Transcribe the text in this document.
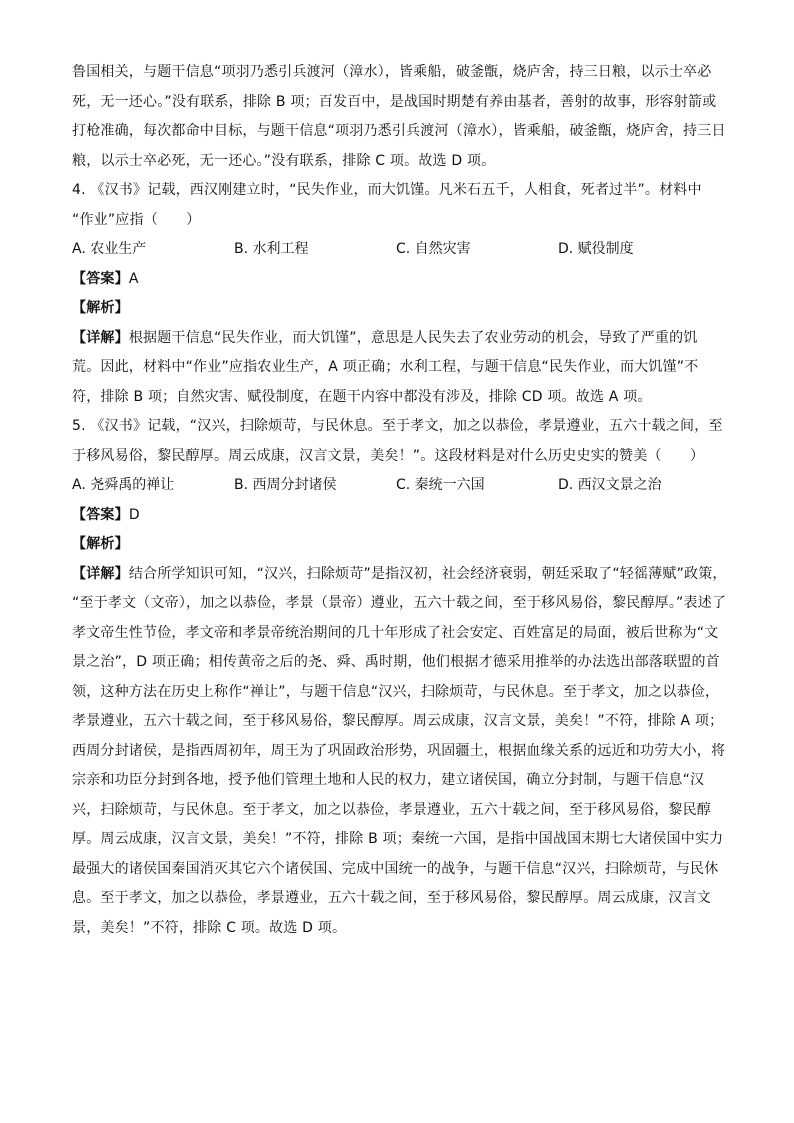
鲁国相关，与题干信息“项羽乃悉引兵渡河（漳水），皆乘船，破釜甑，烧庐舍，持三日粮，以示士卒必
死，无一还心。”没有联系，排除 B 项；百发百中，是战国时期楚有养由基者，善射的故事，形容射箭或
打枪准确，每次都命中目标，与题干信息“项羽乃悉引兵渡河（漳水），皆乘船，破釜甑，烧庐舍，持三日
粮，以示士卒必死，无一还心。”没有联系，排除 C 项。故选 D 项。
4. 《汉书》记载，西汉刚建立时，“民失作业，而大饥馑。凡米石五千，人相食，死者过半”。材料中
“作业”应指（　　）
A. 农业生产	B. 水利工程	C. 自然灾害	D. 赋役制度
【答案】A
【解析】
【详解】根据题干信息“民失作业，而大饥馑”，意思是人民失去了农业劳动的机会，导致了严重的饥
荒。因此，材料中“作业”应指农业生产，A 项正确；水利工程，与题干信息“民失作业，而大饥馑”不
符，排除 B 项；自然灾害、赋役制度，在题干内容中都没有涉及，排除 CD 项。故选 A 项。
5. 《汉书》记载，“汉兴，扫除烦苛，与民休息。至于孝文，加之以恭俭，孝景遵业，五六十载之间，至
于移风易俗，黎民醇厚。周云成康，汉言文景，美矣！”。这段材料是对什么历史史实的赞美（　　）
A. 尧舜禹的禅让	B. 西周分封诸侯	C. 秦统一六国	D. 西汉文景之治
【答案】D
【解析】
【详解】结合所学知识可知，“汉兴，扫除烦苛”是指汉初，社会经济衰弱，朝廷采取了“轻徭薄赋”政策，
“至于孝文（文帝），加之以恭俭，孝景（景帝）遵业，五六十载之间，至于移风易俗，黎民醇厚。”表述了
孝文帝生性节俭，孝文帝和孝景帝统治期间的几十年形成了社会安定、百姓富足的局面，被后世称为“文
景之治”，D 项正确；相传黄帝之后的尧、舜、禹时期，他们根据才德采用推举的办法选出部落联盟的首
领，这种方法在历史上称作“禅让”，与题干信息“汉兴，扫除烦苛，与民休息。至于孝文，加之以恭俭，
孝景遵业，五六十载之间，至于移风易俗，黎民醇厚。周云成康，汉言文景，美矣！”不符，排除 A 项；
西周分封诸侯，是指西周初年，周王为了巩固政治形势，巩固疆土，根据血缘关系的远近和功劳大小，将
宗亲和功臣分封到各地，授予他们管理土地和人民的权力，建立诸侯国，确立分封制，与题干信息“汉
兴，扫除烦苛，与民休息。至于孝文，加之以恭俭，孝景遵业，五六十载之间，至于移风易俗，黎民醇
厚。周云成康，汉言文景，美矣！”不符，排除 B 项；秦统一六国，是指中国战国末期七大诸侯国中实力
最强大的诸侯国秦国消灭其它六个诸侯国、完成中国统一的战争，与题干信息“汉兴，扫除烦苛，与民休
息。至于孝文，加之以恭俭，孝景遵业，五六十载之间，至于移风易俗，黎民醇厚。周云成康，汉言文
景，美矣！”不符，排除 C 项。故选 D 项。
